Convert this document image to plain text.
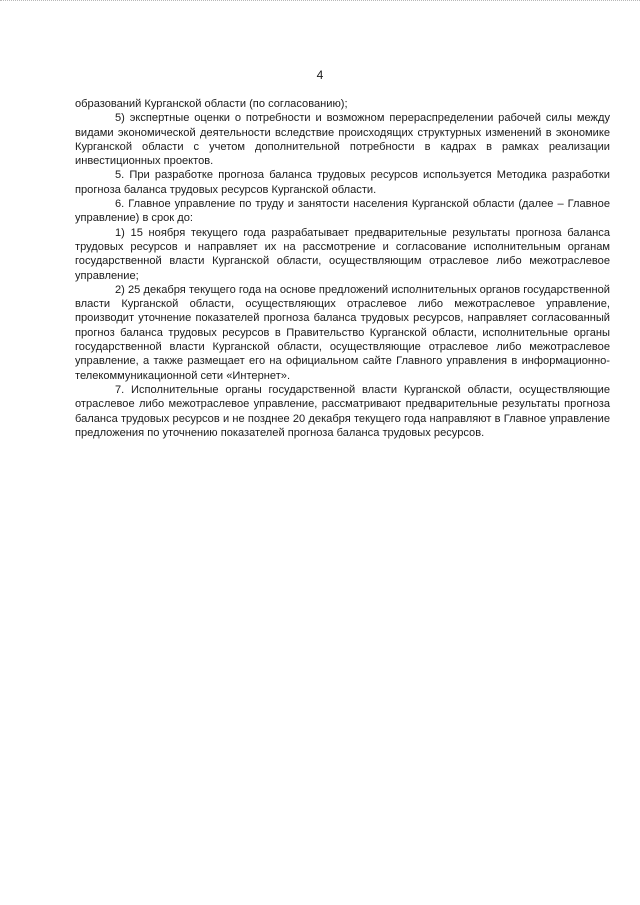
4

образований Курганской области (по согласованию);

5) экспертные оценки о потребности и возможном перераспределении рабочей силы между видами экономической деятельности вследствие происходящих структурных изменений в экономике Курганской области с учетом дополнительной потребности в кадрах в рамках реализации инвестиционных проектов.

5. При разработке прогноза баланса трудовых ресурсов используется Методика разработки прогноза баланса трудовых ресурсов Курганской области.

6. Главное управление по труду и занятости населения Курганской области (далее – Главное управление) в срок до:

1) 15 ноября текущего года разрабатывает предварительные результаты прогноза баланса трудовых ресурсов и направляет их на рассмотрение и согласование исполнительным органам государственной власти Курганской области, осуществляющим отраслевое либо межотраслевое управление;

2) 25 декабря текущего года на основе предложений исполнительных органов государственной власти Курганской области, осуществляющих отраслевое либо межотраслевое управление, производит уточнение показателей прогноза баланса трудовых ресурсов, направляет согласованный прогноз баланса трудовых ресурсов в Правительство Курганской области, исполнительные органы государственной власти Курганской области, осуществляющие отраслевое либо межотраслевое управление, а также размещает его на официальном сайте Главного управления в информационно-телекоммуникационной сети «Интернет».

7. Исполнительные органы государственной власти Курганской области, осуществляющие отраслевое либо межотраслевое управление, рассматривают предварительные результаты прогноза баланса трудовых ресурсов и не позднее 20 декабря текущего года направляют в Главное управление предложения по уточнению показателей прогноза баланса трудовых ресурсов.
